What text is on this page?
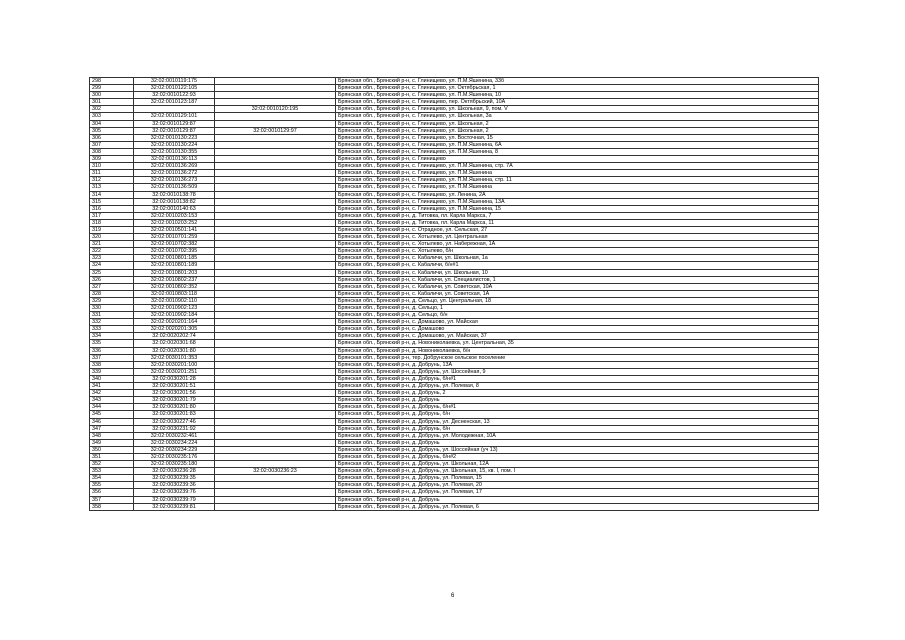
298	32:02:0010119:175		Брянская обл., Брянский р-н, с. Глинищево, ул. П.М.Яшенина, 33б
299	32:02:0010122:105		Брянская обл., Брянский р-н, с. Глинищево, ул. Октябрьская, 1
300	32:02:0010122:93		Брянская обл., Брянский р-н, с. Глинищево, ул. П.М.Яшенина, 10
301	32:02:0010123:187		Брянская обл., Брянский р-н, с. Глинищево, пер. Октябрьский, 10А
302		32:02:0010120:195	Брянская обл., Брянский р-н, с. Глинищево, ул. Школьная, 9, пом. V
303	32:02:0010129:101		Брянская обл., Брянский р-н, с. Глинищево, ул. Школьная, 3а
304	32:02:0010129:87		Брянская обл., Брянский р-н, с. Глинищево, ул. Школьная, 2
305	32:02:0010129:87	32:02:0010129:97	Брянская обл., Брянский р-н, с. Глинищево, ул. Школьная, 2
306	32:02:0010130:223		Брянская обл., Брянский р-н, с. Глинищево, ул. Восточная, 15
307	32:02:0010130:224		Брянская обл., Брянский р-н, с. Глинищево, ул. П.М.Яшенина, 6А
308	32:02:0010130:355		Брянская обл., Брянский р-н, с. Глинищево, ул. П.М.Яшенина, 8
309	32:02:0010136:113		Брянская обл., Брянский р-н, с. Глинищево
310	32:02:0010136:269		Брянская обл., Брянский р-н, с. Глинищево, ул. П.М.Яшенина, стр. 7А
311	32:02:0010136:272		Брянская обл., Брянский р-н, с. Глинищево, ул. П.М.Яшенина
312	32:02:0010136:273		Брянская обл., Брянский р-н, с. Глинищево, ул. П.М.Яшенина, стр. 11
313	32:02:0010136:509		Брянская обл., Брянский р-н, с. Глинищево, ул. П.М.Яшенина
314	32:02:0010138:78		Брянская обл., Брянский р-н, с. Глинищево, ул. Ленина, 2А
315	32:02:0010138:82		Брянская обл., Брянский р-н, с. Глинищево, ул. П.М.Яшенина, 13А
316	32:02:0010140:63		Брянская обл., Брянский р-н, с. Глинищево, ул. П.М.Яшенина, 15
317	32:02:0010203:153		Брянская обл., Брянский р-н, д. Титовка, пл. Карла Маркса, 7
318	32:02:0010203:252		Брянская обл., Брянский р-н, д. Титовка, пл. Карла Маркса, 11
319	32:02:0010501:141		Брянская обл., Брянский р-н, с. Отрадное, ул. Сельская, 27
320	32:02:0010701:259		Брянская обл., Брянский р-н, с. Хотылево, ул. Центральная
321	32:02:0010702:382		Брянская обл., Брянский р-н, с. Хотылево, ул. Набережная, 1А
322	32:02:0010702:395		Брянская обл., Брянский р-н, с. Хотылево, б/н
323	32:02:0010801:185		Брянская обл., Брянский р-н, с. Кабаличи, ул. Школьная, 1а
324	32:02:0010801:189		Брянская обл., Брянский р-н, с. Кабаличи, б/н#1
325	32:02:0010801:203		Брянская обл., Брянский р-н, с. Кабаличи, ул. Школьная, 10
326	32:02:0010802:237		Брянская обл., Брянский р-н, с. Кабаличи, ул. Специалистов, 1
327	32:02:0010802:352		Брянская обл., Брянский р-н, с. Кабаличи, ул. Советская, 10А
328	32:02:0010803:118		Брянская обл., Брянский р-н, с. Кабаличи, ул. Советская, 1А
329	32:02:0010902:110		Брянская обл., Брянский р-н, д. Сельцо, ул. Центральная, 18
330	32:02:0010902:123		Брянская обл., Брянский р-н, д. Сельцо, 1
331	32:02:0010902:184		Брянская обл., Брянский р-н, д. Сельцо, б/н
332	32:02:0020201:164		Брянская обл., Брянский р-н, с. Домашово, ул. Майская
333	32:02:0020201:305		Брянская обл., Брянский р-н, с. Домашово
334	32:02:0020202:74		Брянская обл., Брянский р-н, с. Домашово, ул. Майская, 37
335	32:02:0020301:68		Брянская обл., Брянский р-н, д. Новониколаевка, ул. Центральная, 35
336	32:02:0020301:80		Брянская обл., Брянский р-н, д. Новониколаевка, б/н
337	32:02:0030101:353		Брянская обл., Брянский р-н, тер. Добрунское сельское поселение
338	32:02:0030201:100		Брянская обл., Брянский р-н, д. Добрунь, 13А
339	32:02:0030201:251		Брянская обл., Брянский р-н, д. Добрунь, ул. Шоссейная, 9
340	32:02:0030201:28		Брянская обл., Брянский р-н, д. Добрунь, б/н#1
341	32:02:0030201:51		Брянская обл., Брянский р-н, д. Добрунь, ул. Полевая, 8
342	32:02:0030201:56		Брянская обл., Брянский р-н, д. Добрунь, 2
343	32:02:0030201:79		Брянская обл., Брянский р-н, д. Добрунь
344	32:02:0030201:80		Брянская обл., Брянский р-н, д. Добрунь, б/н#1
345	32:02:0030201:83		Брянская обл., Брянский р-н, д. Добрунь, б/н
346	32:02:0030227:46		Брянская обл., Брянский р-н, д. Добрунь, ул. Десненская, 13
347	32:02:0030231:92		Брянская обл., Брянский р-н, д. Добрунь, б/н
348	32:02:0030232:461		Брянская обл., Брянский р-н, д. Добрунь, ул. Молодежная, 10А
349	32:02:0030234:224		Брянская обл., Брянский р-н, д. Добрунь
350	32:02:0030234:229		Брянская обл., Брянский р-н, д. Добрунь, ул. Шоссейная (уч 13)
351	32:02:0030235:176		Брянская обл., Брянский р-н, д. Добрунь, б/н#2
352	32:02:0030235:180		Брянская обл., Брянский р-н, д. Добрунь, ул. Школьная, 12А
353	32:02:0030236:28	32:02:0030236:23	Брянская обл., Брянский р-н, д. Добрунь, ул. Школьная, 15, кв. I, пом. I
354	32:02:0030239:35		Брянская обл., Брянский р-н, д. Добрунь, ул. Полевая, 15
355	32:02:0030239:36		Брянская обл., Брянский р-н, д. Добрунь, ул. Полевая, 20
356	32:02:0030239:76		Брянская обл., Брянский р-н, д. Добрунь, ул. Полевая, 17
357	32:02:0030239:79		Брянская обл., Брянский р-н, д. Добрунь
358	32:02:0030239:81		Брянская обл., Брянский р-н, д. Добрунь, ул. Полевая, 6
6
